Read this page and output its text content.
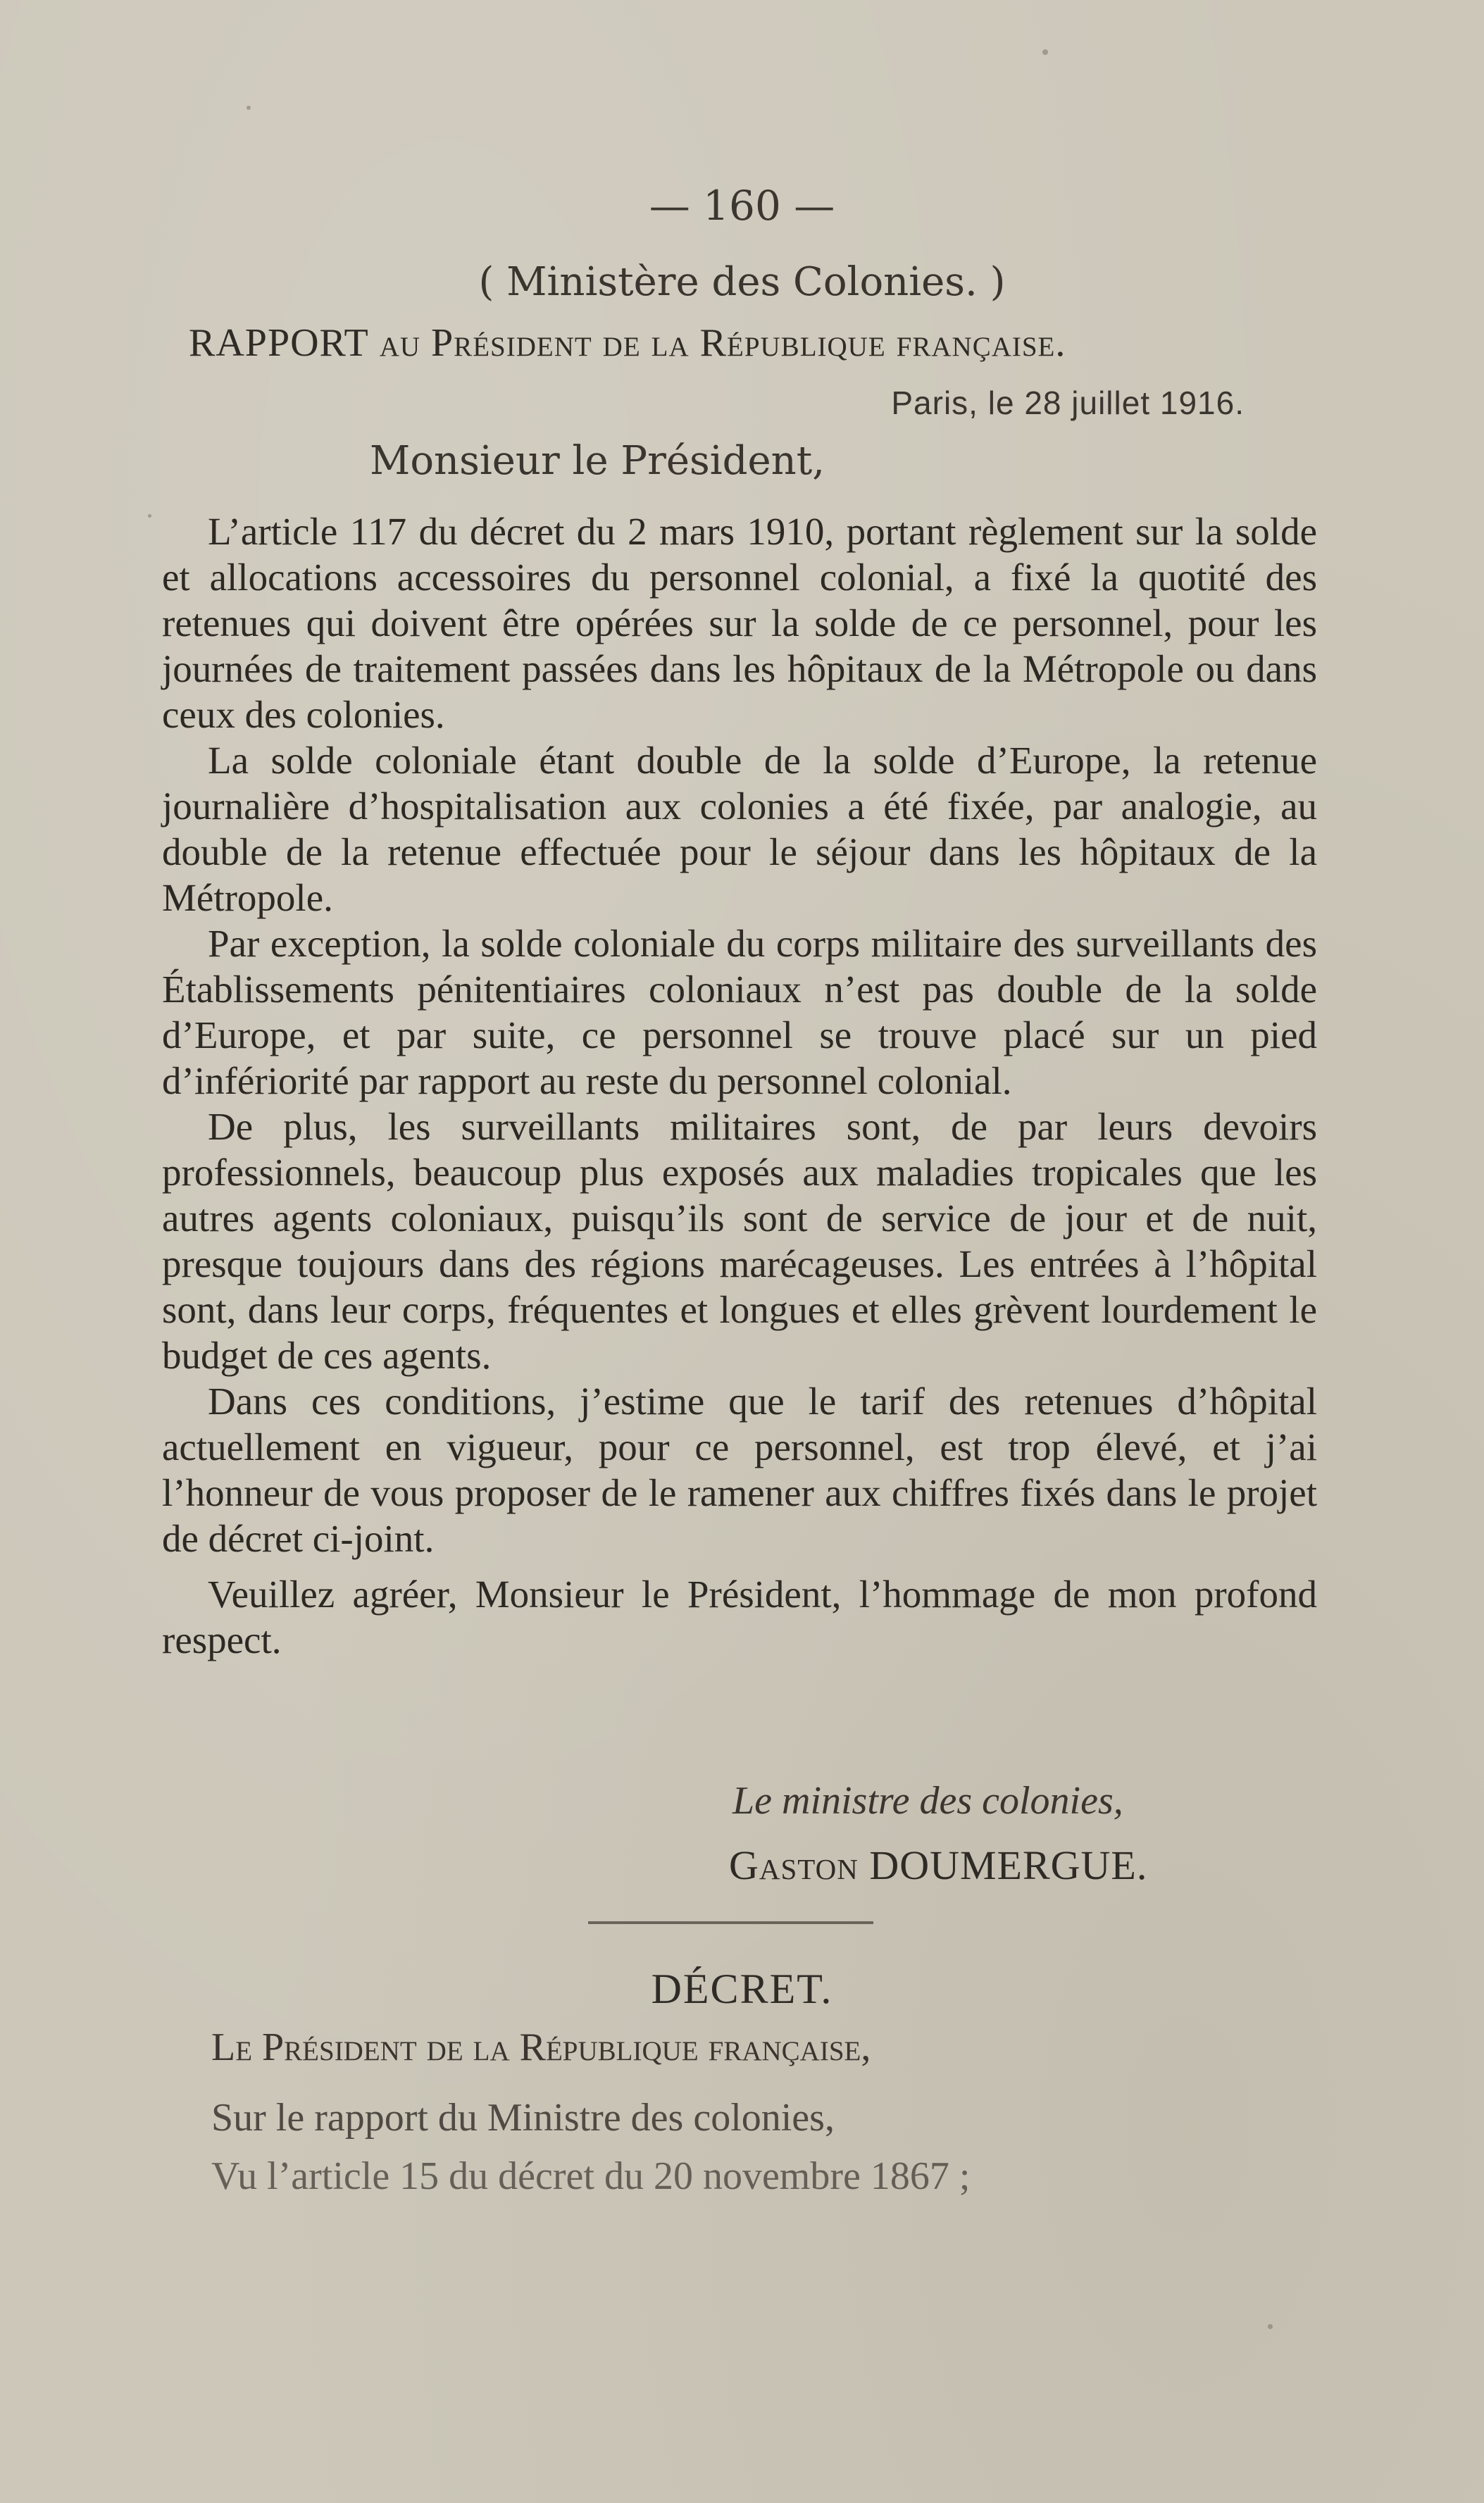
— 160 —
( Ministère des Colonies. )
RAPPORT au Président de la République française.
Paris, le 28 juillet 1916.
Monsieur le Président,

L’article 117 du décret du 2 mars 1910, portant règlement sur la solde et allocations accessoires du personnel colonial, a fixé la quotité des retenues qui doivent être opérées sur la solde de ce personnel, pour les journées de traitement passées dans les hôpitaux de la Métropole ou dans ceux des colonies.

La solde coloniale étant double de la solde d’Europe, la retenue journalière d’hospitalisation aux colonies a été fixée, par analogie, au double de la retenue effectuée pour le séjour dans les hôpitaux de la Métropole.

Par exception, la solde coloniale du corps militaire des surveillants des Établissements pénitentiaires coloniaux n’est pas double de la solde d’Europe, et par suite, ce personnel se trouve placé sur un pied d’infériorité par rapport au reste du personnel colonial.

De plus, les surveillants militaires sont, de par leurs devoirs professionnels, beaucoup plus exposés aux maladies tropicales que les autres agents coloniaux, puisqu’ils sont de service de jour et de nuit, presque toujours dans des régions marécageuses. Les entrées à l’hôpital sont, dans leur corps, fréquentes et longues et elles grèvent lourdement le budget de ces agents.

Dans ces conditions, j’estime que le tarif des retenues d’hôpital actuellement en vigueur, pour ce personnel, est trop élevé, et j’ai l’honneur de vous proposer de le ramener aux chiffres fixés dans le projet de décret ci-joint.

Veuillez agréer, Monsieur le Président, l’hommage de mon profond respect.

Le ministre des colonies,
Gaston DOUMERGUE.
DÉCRET.
Le Président de la République française,
Sur le rapport du Ministre des colonies,
Vu l’article 15 du décret du 20 novembre 1867 ;
